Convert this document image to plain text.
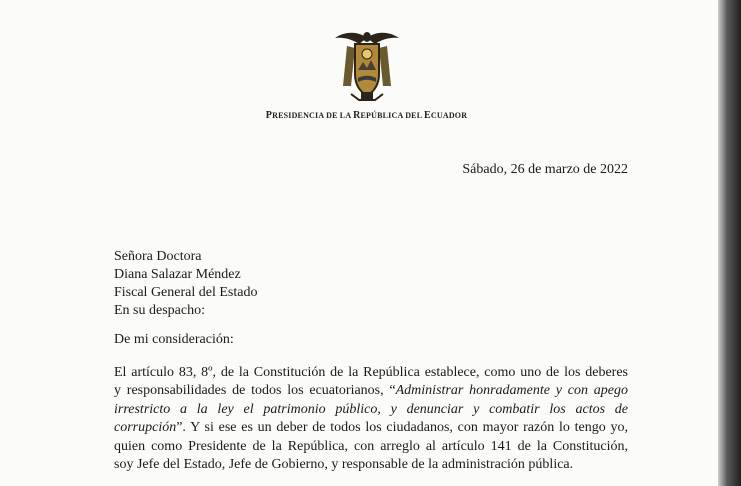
PRESIDENCIA DE LA REPÚBLICA DEL ECUADOR
Sábado, 26 de marzo de 2022
Señora Doctora
Diana Salazar Méndez
Fiscal General del Estado
En su despacho:
De mi consideración:
El artículo 83, 8º, de la Constitución de la República establece, como uno de los deberes
y responsabilidades de todos los ecuatorianos, “Administrar honradamente y con apego
irrestricto a la ley el patrimonio público, y denunciar y combatir los actos de
corrupción”. Y si ese es un deber de todos los ciudadanos, con mayor razón lo tengo yo,
quien como Presidente de la República, con arreglo al artículo 141 de la Constitución,
soy Jefe del Estado, Jefe de Gobierno, y responsable de la administración pública.
